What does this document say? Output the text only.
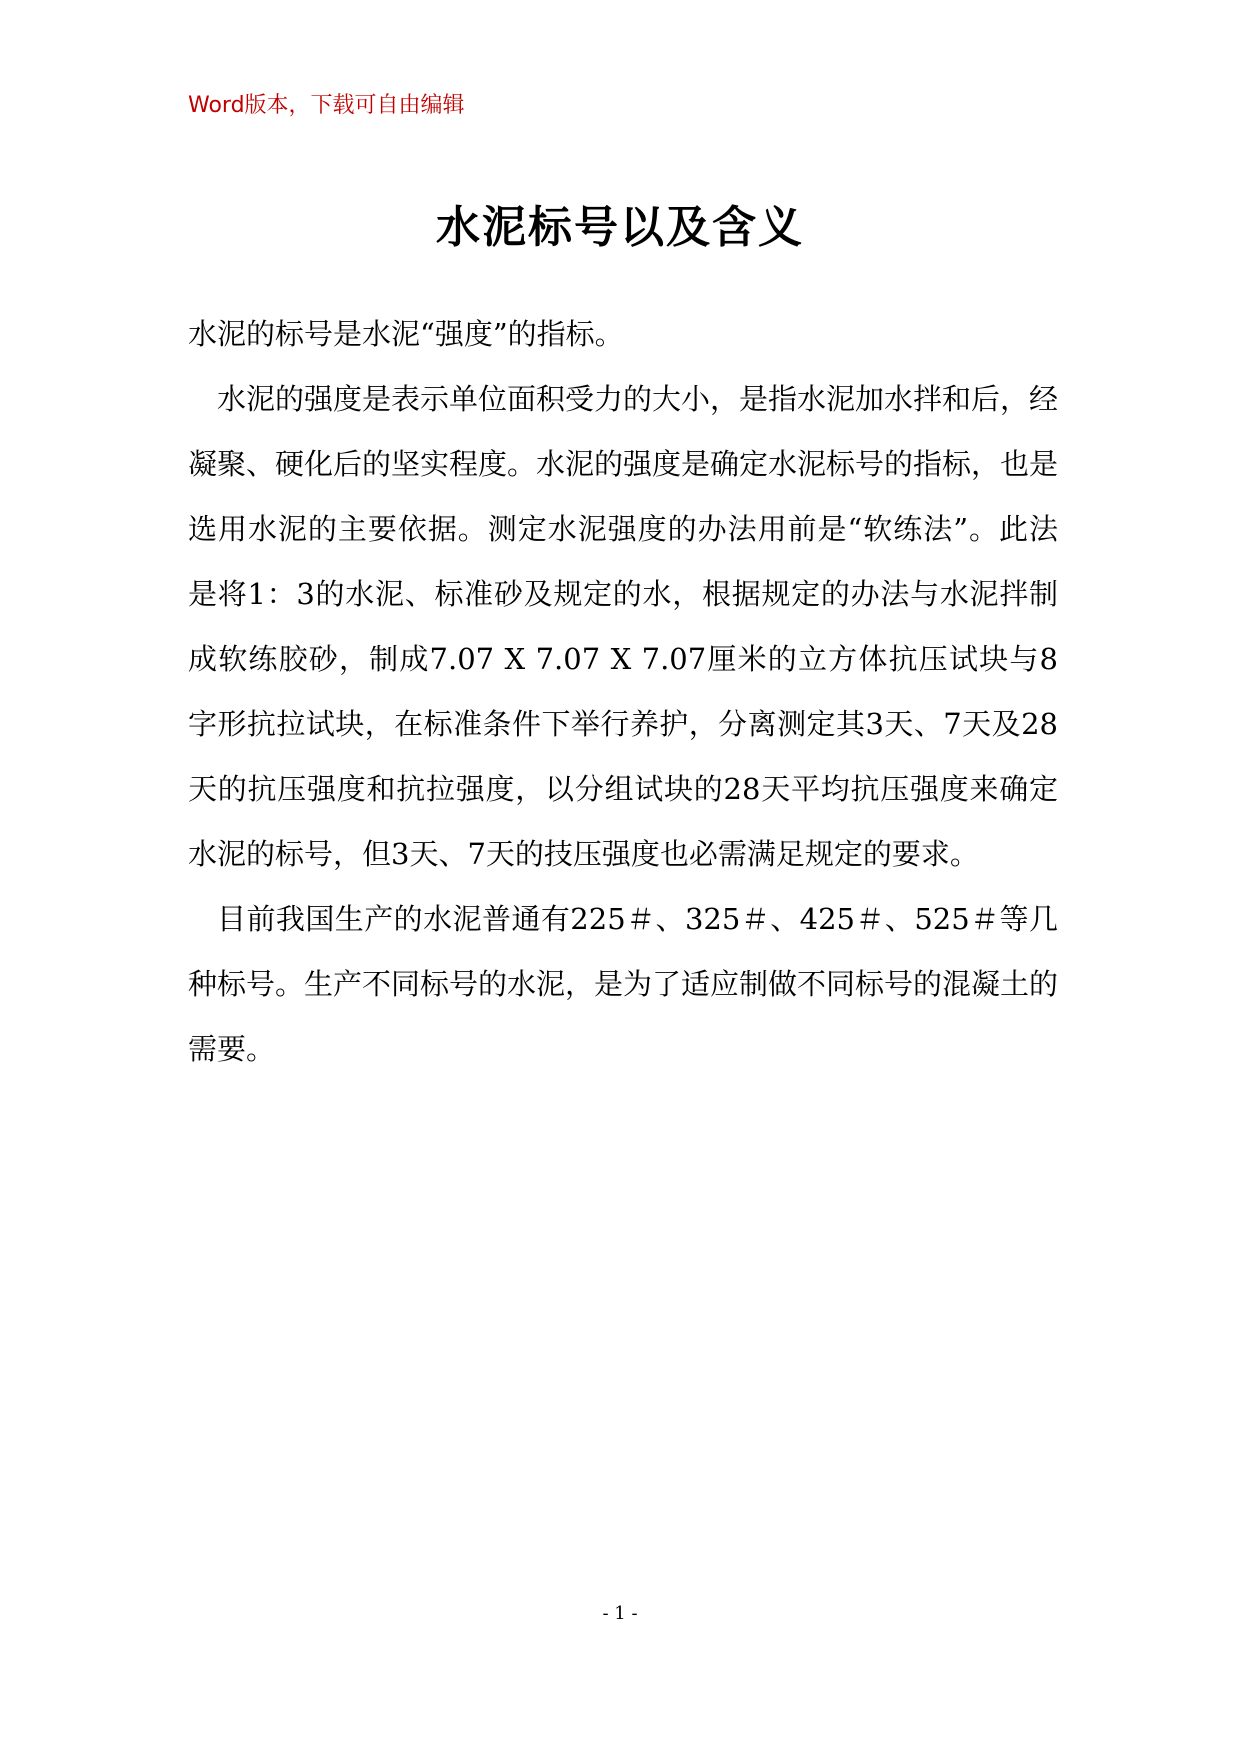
Word版本，下载可自由编辑
水泥标号以及含义

水泥的标号是水泥“强度”的指标。

水泥的强度是表示单位面积受力的大小，是指水泥加水拌和后，经凝聚、硬化后的坚实程度。水泥的强度是确定水泥标号的指标，也是选用水泥的主要依据。测定水泥强度的办法用前是“软练法”。此法是将1：3的水泥、标准砂及规定的水，根据规定的办法与水泥拌制成软练胶砂，制成7.07 X 7.07 X 7.07厘米的立方体抗压试块与8字形抗拉试块，在标准条件下举行养护，分离测定其3天、7天及28天的抗压强度和抗拉强度，以分组试块的28天平均抗压强度来确定水泥的标号，但3天、7天的技压强度也必需满足规定的要求。

目前我国生产的水泥普通有225＃、325＃、425＃、525＃等几种标号。生产不同标号的水泥，是为了适应制做不同标号的混凝土的需要。

- 1 -
